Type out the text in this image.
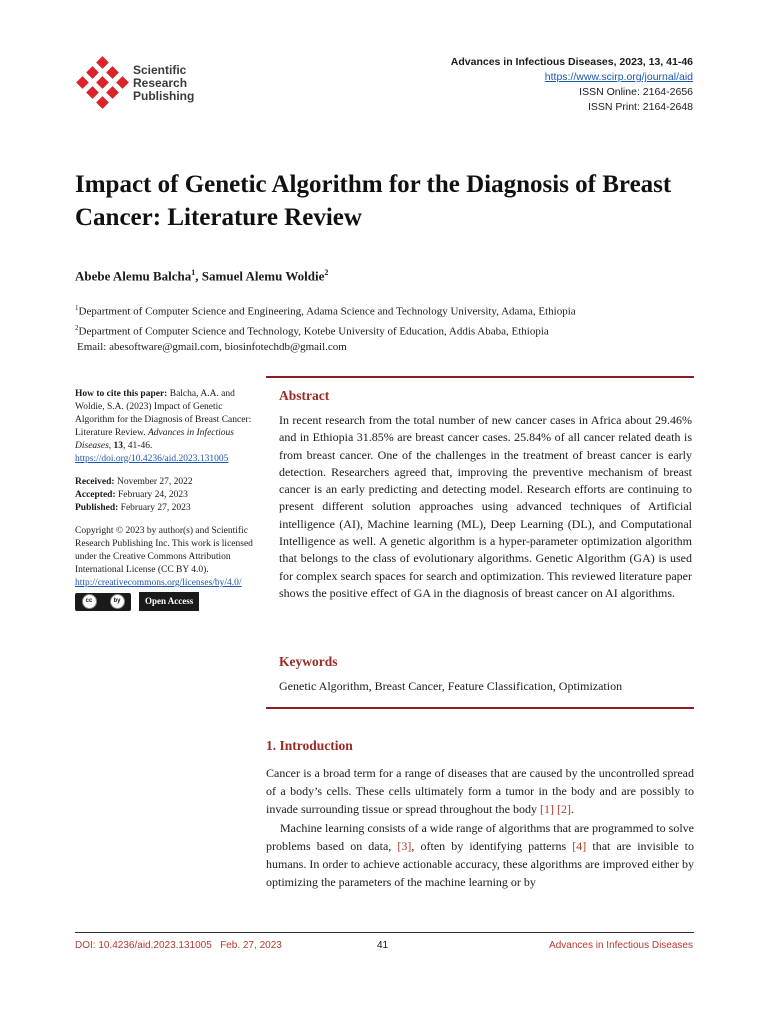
Scientific
Research
Publishing
Advances in Infectious Diseases, 2023, 13, 41-46
https://www.scirp.org/journal/aid
ISSN Online: 2164-2656
ISSN Print: 2164-2648
Impact of Genetic Algorithm for the Diagnosis of Breast Cancer: Literature Review
Abebe Alemu Balcha$^1$, Samuel Alemu Woldie$^2$
$^1$Department of Computer Science and Engineering, Adama Science and Technology University, Adama, Ethiopia
$^2$Department of Computer Science and Technology, Kotebe University of Education, Addis Ababa, Ethiopia
Email: abesoftware@gmail.com, biosinfotechdb@gmail.com
How to cite this paper: Balcha, A.A. and Woldie, S.A. (2023) Impact of Genetic Algorithm for the Diagnosis of Breast Cancer: Literature Review. Advances in Infectious Diseases, 13, 41-46.
https://doi.org/10.4236/aid.2023.131005
Received: November 27, 2022
Accepted: February 24, 2023
Published: February 27, 2023
Copyright © 2023 by author(s) and Scientific Research Publishing Inc. This work is licensed under the Creative Commons Attribution International License (CC BY 4.0).
http://creativecommons.org/licenses/by/4.0/
cc	by	Open Access
Abstract
In recent research from the total number of new cancer cases in Africa about 29.46% and in Ethiopia 31.85% are breast cancer cases. 25.84% of all cancer related death is from breast cancer. One of the challenges in the treatment of breast cancer is early detection. Researchers agreed that, improving the preventive mechanism of breast cancer is an early predicting and detecting model. Research efforts are continuing to present different solution approaches using advanced techniques of Artificial intelligence (AI), Machine learning (ML), Deep Learning (DL), and Computational Intelligence as well. A genetic algorithm is a hyper-parameter optimization algorithm that belongs to the class of evolutionary algorithms. Genetic Algorithm (GA) is used for complex search spaces for search and optimization. This reviewed literature paper shows the positive effect of GA in the diagnosis of breast cancer on AI algorithms.
Keywords
Genetic Algorithm, Breast Cancer, Feature Classification, Optimization
1. Introduction

Cancer is a broad term for a range of diseases that are caused by the uncontrolled spread of a body’s cells. These cells ultimately form a tumor in the body and are possibly to invade surrounding tissue or spread throughout the body [1] [2].

Machine learning consists of a wide range of algorithms that are programmed to solve problems based on data, [3], often by identifying patterns [4] that are invisible to humans. In order to achieve actionable accuracy, these algorithms are improved either by optimizing the parameters of the machine learning or by

DOI: 10.4236/aid.2023.131005 Feb. 27, 2023	41	Advances in Infectious Diseases
